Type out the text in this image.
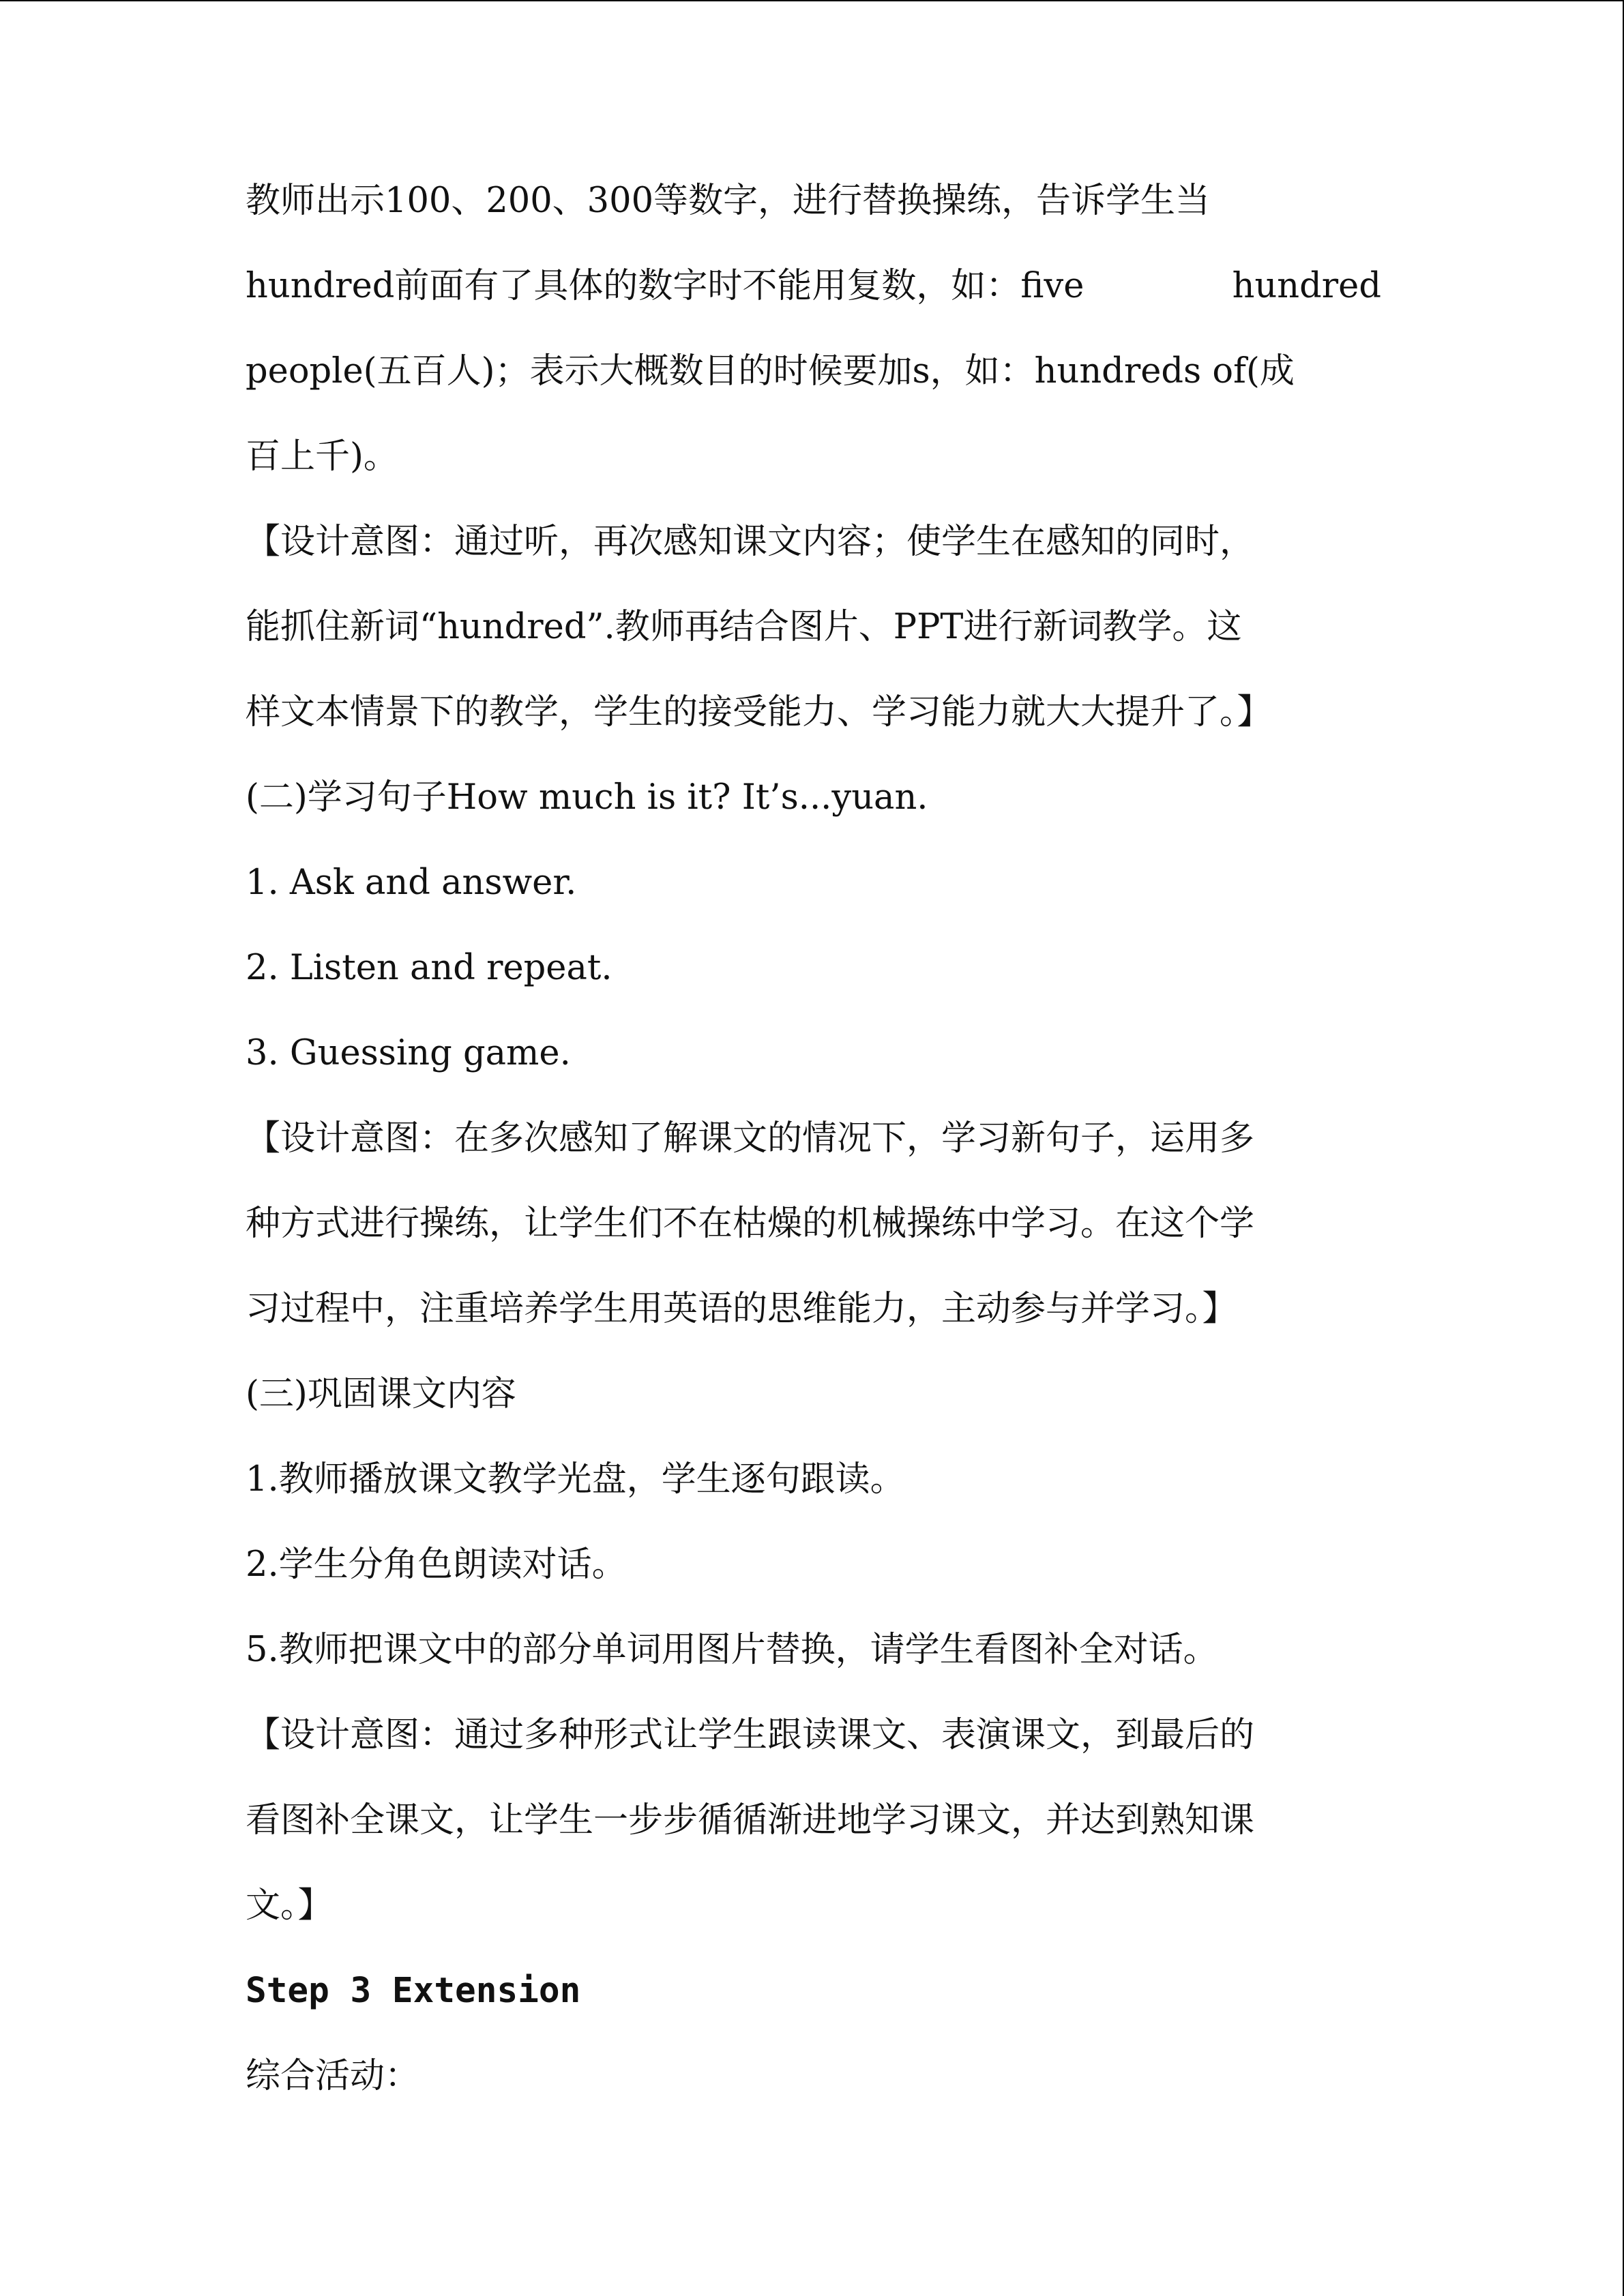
教师出示100、200、300等数字，进行替换操练，告诉学生当
hundred前面有了具体的数字时不能用复数，如：five	hundred
people(五百人)；表示大概数目的时候要加s，如：hundreds of(成
百上千)。
【设计意图：通过听，再次感知课文内容；使学生在感知的同时，
能抓住新词“hundred”.教师再结合图片、PPT进行新词教学。这
样文本情景下的教学，学生的接受能力、学习能力就大大提升了。】
(二)学习句子How much is it? It’s...yuan.
1. Ask and answer.
2. Listen and repeat.
3. Guessing game.
【设计意图：在多次感知了解课文的情况下，学习新句子，运用多
种方式进行操练，让学生们不在枯燥的机械操练中学习。在这个学
习过程中，注重培养学生用英语的思维能力，主动参与并学习。】
(三)巩固课文内容
1.教师播放课文教学光盘，学生逐句跟读。
2.学生分角色朗读对话。
5.教师把课文中的部分单词用图片替换，请学生看图补全对话。
【设计意图：通过多种形式让学生跟读课文、表演课文，到最后的
看图补全课文，让学生一步步循循渐进地学习课文，并达到熟知课
文。】
Step 3 Extension
综合活动：
